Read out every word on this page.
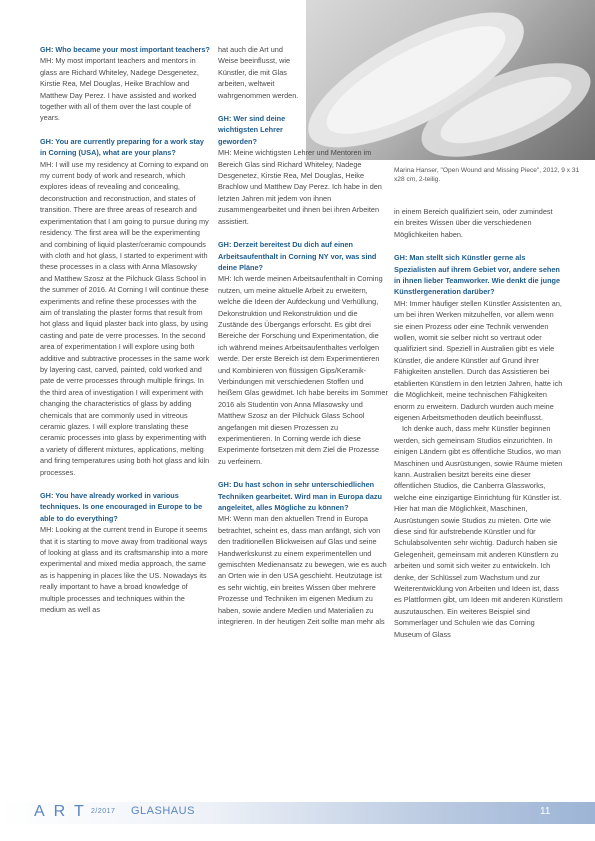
Marina Hanser, "Open Wound and Missing Piece", 2012, 9 x 31 x28 cm, 2-teilig.

GH: Who became your most important teachers?

MH: My most important teachers and mentors in glass are Richard Whiteley, Nadege Desgenetez, Kirstie Rea, Mel Douglas, Heike Brachlow and Matthew Day Perez. I have assisted and worked together with all of them over the last couple of years.

GH: You are currently preparing for a work stay in Corning (USA), what are your plans?

MH: I will use my residency at Corning to expand on my current body of work and research, which explores ideas of revealing and concealing, deconstruction and reconstruction, and states of transition. There are three areas of research and experimentation that I am going to pursue during my residency. The first area will be the experimenting and combining of liquid plaster/ceramic compounds with cloth and hot glass, I started to experiment with these processes in a class with Anna Mlasowsky and Matthew Szosz at the Pilchuck Glass School in the summer of 2016. At Corning I will continue these experiments and refine these processes with the aim of translating the plaster forms that result from hot glass and liquid plaster back into glass, by using casting and pate de verre processes. In the second area of experimentation I will explore using both additive and subtractive processes in the same work by layering cast, carved, painted, cold worked and pate de verre processes through multiple firings. In the third area of investigation I will experiment with changing the characteristics of glass by adding chemicals that are commonly used in vitreous ceramic glazes. I will explore translating these ceramic processes into glass by experimenting with a variety of different mixtures, applications, melting and firing temperatures using both hot glass and kiln processes.

GH: You have already worked in various techniques. Is one encouraged in Europe to be able to do everything?

MH: Looking at the current trend in Europe it seems that it is starting to move away from traditional ways of looking at glass and its craftsmanship into a more experimental and mixed media approach, the same as is happening in places like the US. Nowadays its really important to have a broad knowledge of multiple processes and techniques within the medium as well as

hat auch die Art und Weise beeinflusst, wie Künstler, die mit Glas arbeiten, weltweit wahrgenommen werden.

GH: Wer sind deine wichtigsten Lehrer geworden?

MH: Meine wichtigsten Lehrer und Mentoren im Bereich Glas sind Richard Whiteley, Nadege Desgenetez, Kirstie Rea, Mel Douglas, Heike Brachlow und Matthew Day Perez. Ich habe in den letzten Jahren mit jedem von ihnen zusammengearbeitet und ihnen bei ihren Arbeiten assistiert.

GH: Derzeit bereitest Du dich auf einen Arbeitsaufenthalt in Corning NY vor, was sind deine Pläne?

MH: Ich werde meinen Arbeitsaufenthalt in Corning nutzen, um meine aktuelle Arbeit zu erweitern, welche die Ideen der Aufdeckung und Verhüllung, Dekonstruktion und Rekonstruktion und die Zustände des Übergangs erforscht. Es gibt drei Bereiche der Forschung und Experimentation, die ich während meines Arbeitsaufenthaltes verfolgen werde. Der erste Bereich ist dem Experimentieren und Kombinieren von flüssigen Gips/Keramik-Verbindungen mit verschiedenen Stoffen und heißem Glas gewidmet. Ich habe bereits im Sommer 2016 als Studentin von Anna Mlasowsky und Matthew Szosz an der Pilchuck Glass School angefangen mit diesen Prozessen zu experimentieren. In Corning werde ich diese Experimente fortsetzen mit dem Ziel die Prozesse zu verfeinern.

GH: Du hast schon in sehr unterschiedlichen Techniken gearbeitet. Wird man in Europa dazu angeleitet, alles Mögliche zu können?

MH: Wenn man den aktuellen Trend in Europa betrachtet, scheint es, dass man anfängt, sich von den traditionellen Blickweisen auf Glas und seine Handwerkskunst zu einem experimentellen und gemischten Medienansatz zu bewegen, wie es auch an Orten wie in den USA geschieht. Heutzutage ist es sehr wichtig, ein breites Wissen über mehrere Prozesse und Techniken im eigenen Medium zu haben, sowie andere Medien und Materialien zu integrieren. In der heutigen Zeit sollte man mehr als

in einem Bereich qualifiziert sein, oder zumindest ein breites Wissen über die verschiedenen Möglichkeiten haben.

GH: Man stellt sich Künstler gerne als Spezialisten auf ihrem Gebiet vor, andere sehen in ihnen lieber Teamworker. Wie denkt die junge Künstlergeneration darüber?

MH: Immer häufiger stellen Künstler Assistenten an, um bei ihren Werken mitzuhelfen, vor allem wenn sie einen Prozess oder eine Technik verwenden wollen, womit sie selber nicht so vertraut oder qualifiziert sind. Speziell in Australien gibt es viele Künstler, die andere Künstler auf Grund ihrer Fähigkeiten anstellen. Durch das Assistieren bei etablierten Künstlern in den letzten Jahren, hatte ich die Möglichkeit, meine technischen Fähigkeiten enorm zu erweitern. Dadurch wurden auch meine eigenen Arbeitsmethoden deutlich beeinflusst.

Ich denke auch, dass mehr Künstler beginnen werden, sich gemeinsam Studios einzurichten. In einigen Ländern gibt es öffentliche Studios, wo man Maschinen und Ausrüstungen, sowie Räume mieten kann. Australien besitzt bereits eine dieser öffentlichen Studios, die Canberra Glassworks, welche eine einzigartige Einrichtung für Künstler ist. Hier hat man die Möglichkeit, Maschinen, Ausrüstungen sowie Studios zu mieten. Orte wie diese sind für aufstrebende Künstler und für Schulabsolventen sehr wichtig. Dadurch haben sie Gelegenheit, gemeinsam mit anderen Künstlern zu arbeiten und somit sich weiter zu entwickeln. Ich denke, der Schlüssel zum Wachstum und zur Weiterentwicklung von Arbeiten und Ideen ist, dass es Plattformen gibt, um Ideen mit anderen Künstlern auszutauschen. Ein weiteres Beispiel sind Sommerlager und Schulen wie das Corning Museum of Glass

ART
2/2017 GLASHAUS	11
